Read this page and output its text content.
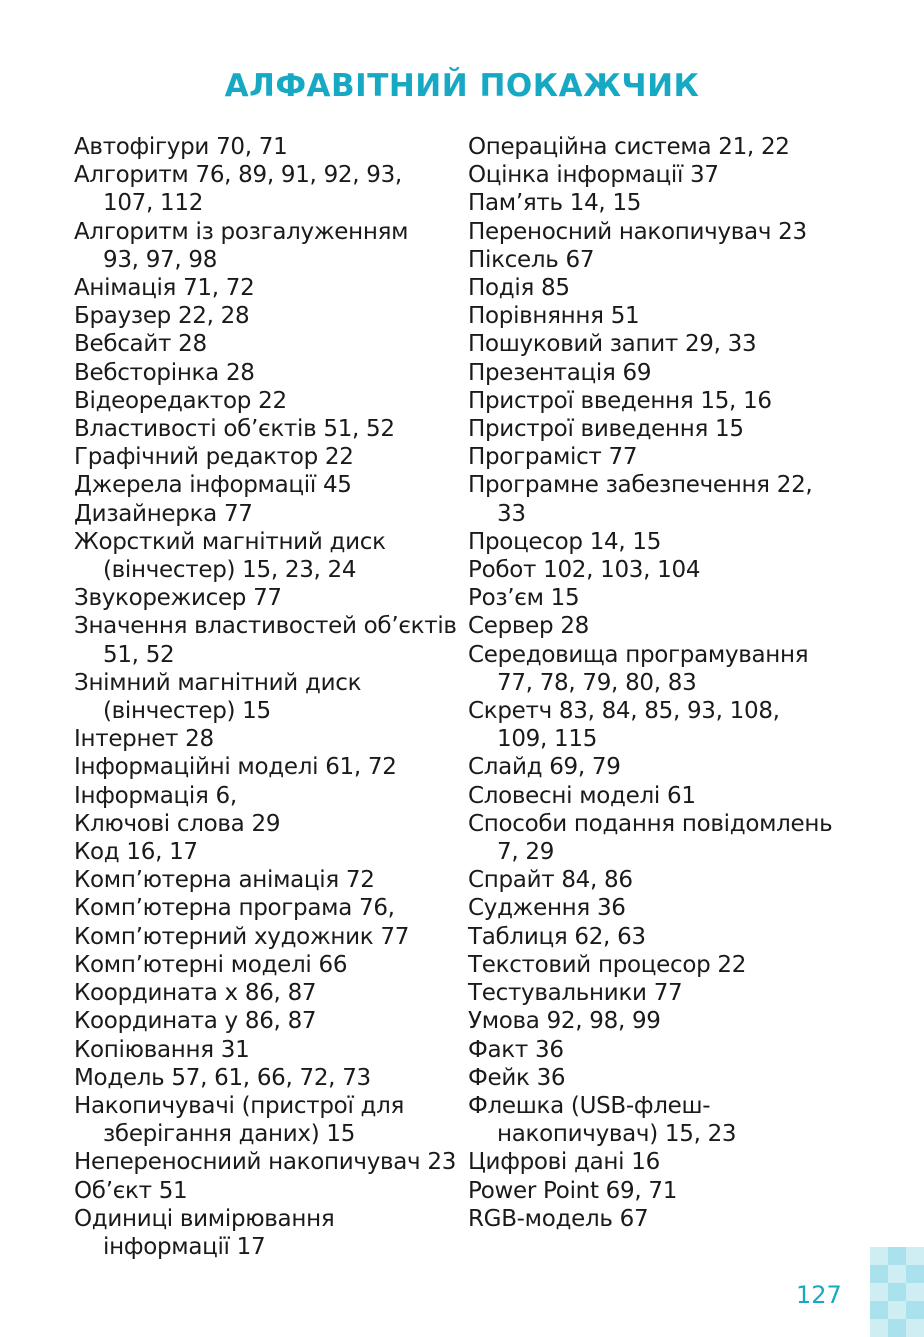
АЛФАВІТНИЙ ПОКАЖЧИК
Автофігури 70, 71
Алгоритм 76, 89, 91, 92, 93,
107, 112
Алгоритм із розгалуженням
93, 97, 98
Анімація 71, 72
Браузер 22, 28
Вебсайт 28
Вебсторінка 28
Відеоредактор 22
Властивості об’єктів 51, 52
Графічний редактор 22
Джерела інформації 45
Дизайнерка 77
Жорсткий магнітний диск
(вінчестер) 15, 23, 24
Звукорежисер 77
Значення властивостей об’єктів
51, 52
Знімний магнітний диск
(вінчестер) 15
Інтернет 28
Інформаційні моделі 61, 72
Інформація 6,
Ключові слова 29
Код 16, 17
Комп’ютерна анімація 72
Комп’ютерна програма 76,
Комп’ютерний художник 77
Комп’ютерні моделі 66
Координата x 86, 87
Координата y 86, 87
Копіювання 31
Модель 57, 61, 66, 72, 73
Накопичувачі (пристрої для
зберігання даних) 15
Неперeносниий накопичувач 23
Об’єкт 51
Одиниці вимірювання
інформації 17
Операційна система 21, 22
Оцінка інформації 37
Пам’ять 14, 15
Переносний накопичувач 23
Піксель 67
Подія 85
Порівняння 51
Пошуковий запит 29, 33
Презентація 69
Пристрої введення 15, 16
Пристрої виведення 15
Програміст 77
Програмне забезпечення 22,
33
Процесор 14, 15
Робот 102, 103, 104
Роз’єм 15
Сервер 28
Середовища програмування
77, 78, 79, 80, 83
Скретч 83, 84, 85, 93, 108,
109, 115
Слайд 69, 79
Словесні моделі 61
Способи подання повідомлень
7, 29
Спрайт 84, 86
Судження 36
Таблиця 62, 63
Текстовий процесор 22
Тестувальники 77
Умова 92, 98, 99
Факт 36
Фейк 36
Флешка (USB-флеш-
накопичувач) 15, 23
Цифрові дані 16
Power Point 69, 71
RGB-модель 67
127
